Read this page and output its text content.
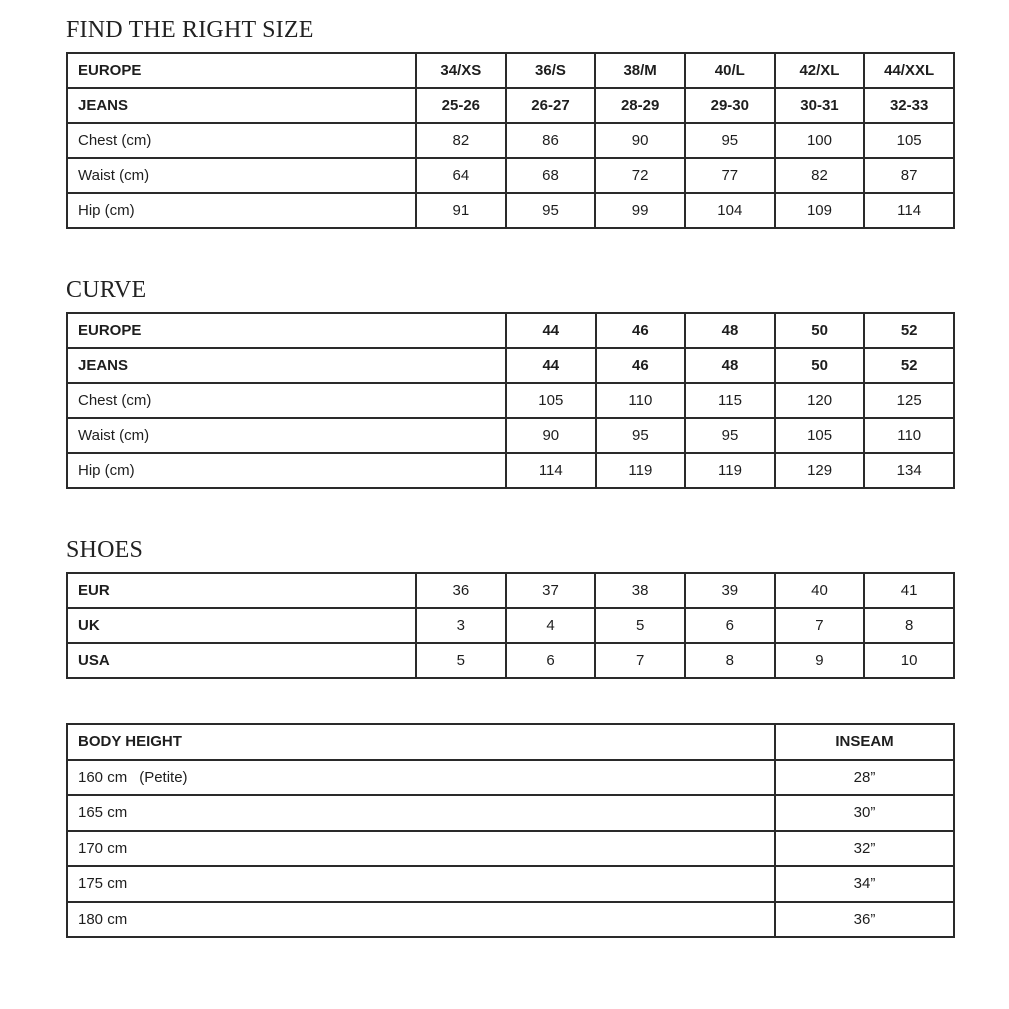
FIND THE RIGHT SIZE
EUROPE	34/XS	36/S	38/M	40/L	42/XL	44/XXL
JEANS	25-26	26-27	28-29	29-30	30-31	32-33
Chest (cm)	82	86	90	95	100	105
Waist (cm)	64	68	72	77	82	87
Hip (cm)	91	95	99	104	109	114
CURVE
EUROPE	44	46	48	50	52
JEANS	44	46	48	50	52
Chest (cm)	105	110	115	120	125
Waist (cm)	90	95	95	105	110
Hip (cm)	114	119	119	129	134
SHOES
EUR	36	37	38	39	40	41
UK	3	4	5	6	7	8
USA	5	6	7	8	9	10
BODY HEIGHT	INSEAM
160 cm (Petite)	28”
165 cm	30”
170 cm	32”
175 cm	34”
180 cm	36”
